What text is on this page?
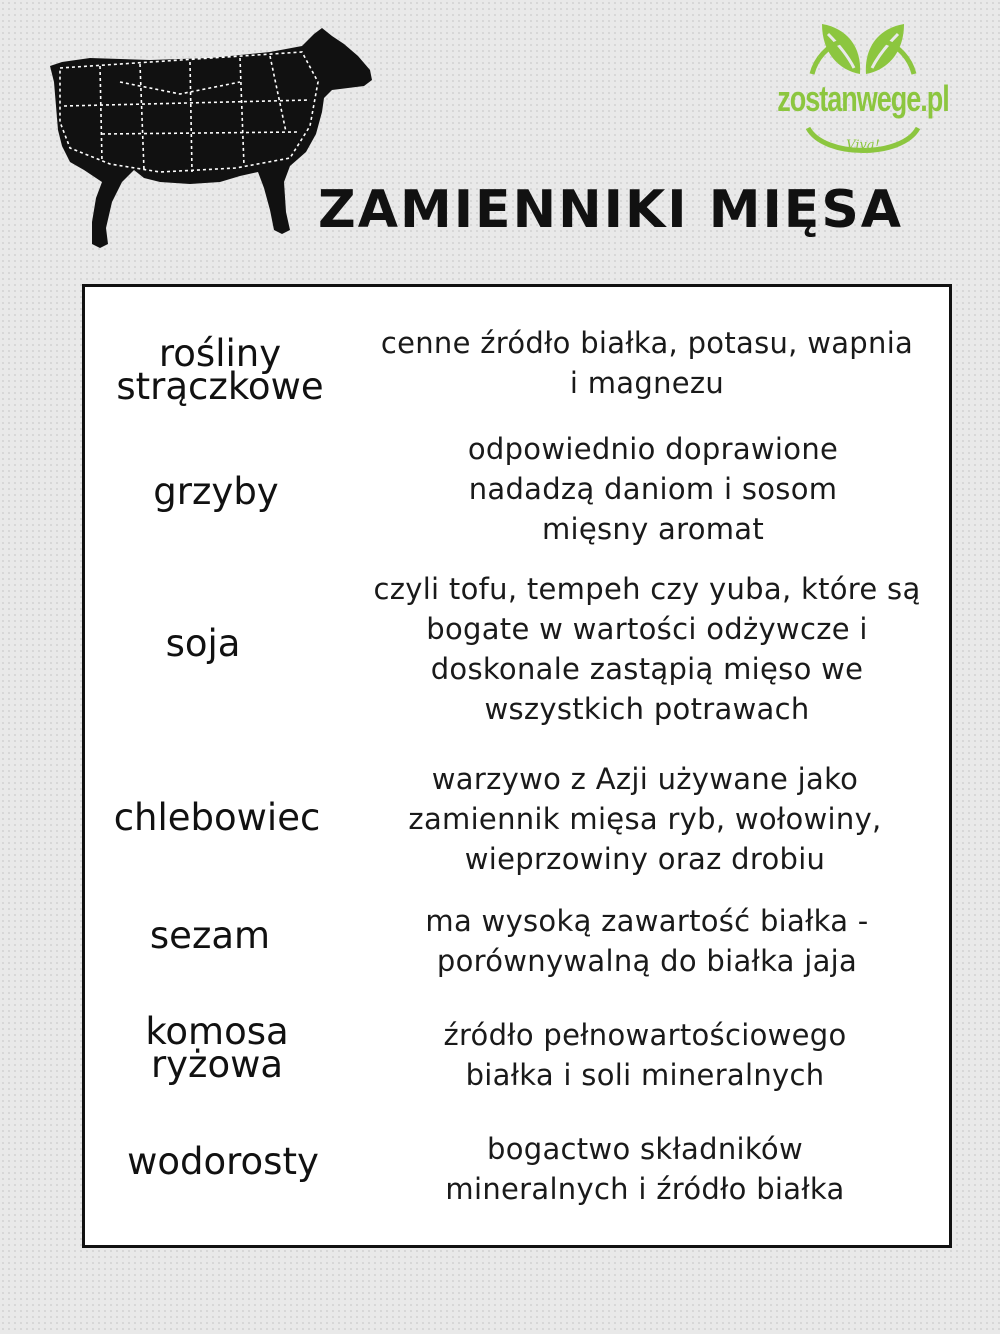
zostanwege.pl
Viva!
ZAMIENNIKI MIĘSA
rośliny strączkowe
cenne źródło białka, potasu, wapnia i magnezu
grzyby
odpowiednio doprawione nadadzą daniom i sosom mięsny aromat
soja
czyli tofu, tempeh czy yuba, które są bogate w wartości odżywcze i doskonale zastąpią mięso we wszystkich potrawach
chlebowiec
warzywo z Azji używane jako zamiennik mięsa ryb, wołowiny, wieprzowiny oraz drobiu
sezam	ma wysoką zawartość białka - porównywalną do białka jaja
komosa ryżowa
źródło pełnowartościowego białka i soli mineralnych
wodorosty	bogactwo składników mineralnych i źródło białka
